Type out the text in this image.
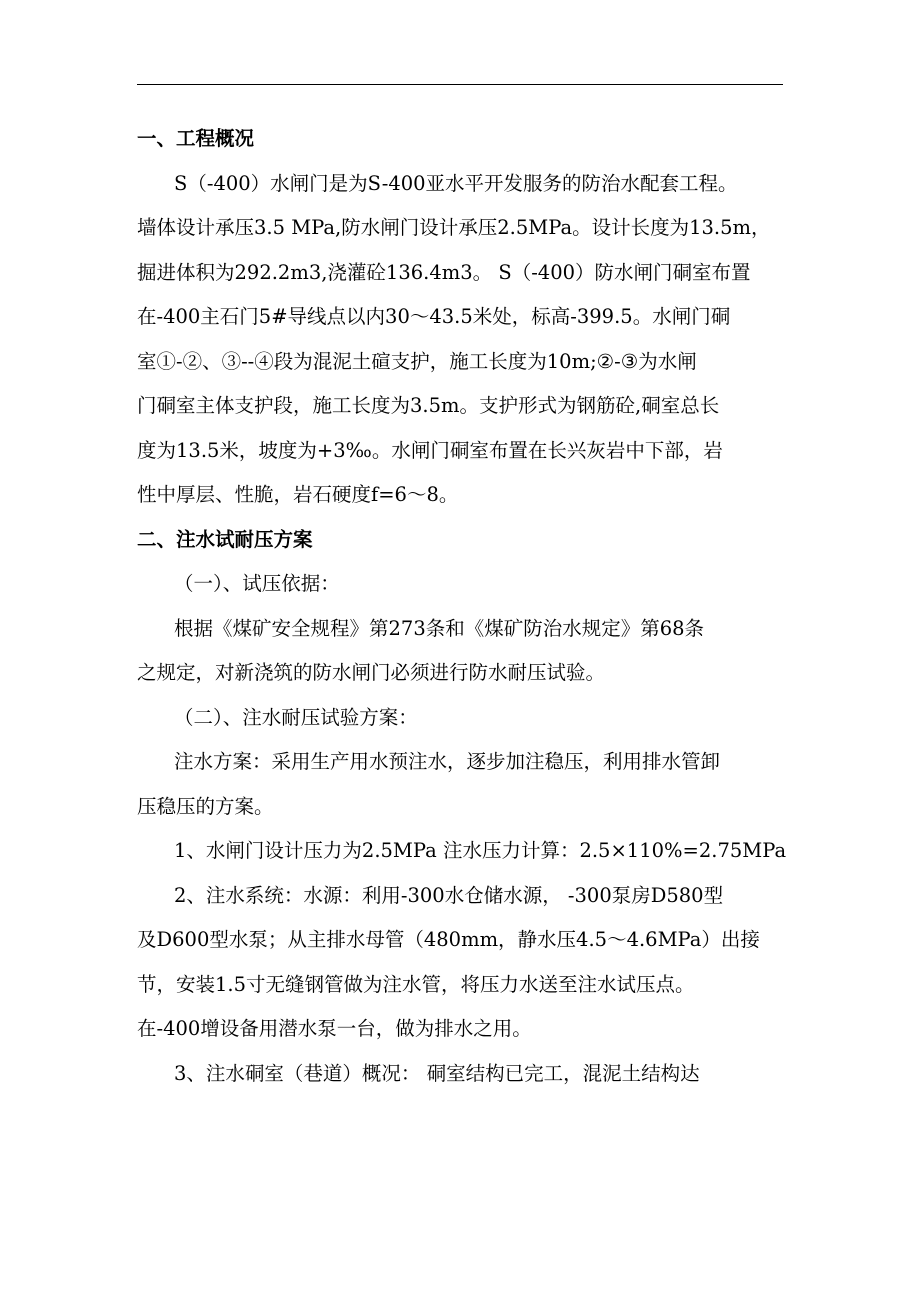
一、工程概况
S（-400）水闸门是为S-400亚水平开发服务的防治水配套工程。
墙体设计承压3.5 MPa,防水闸门设计承压2.5MPa。设计长度为13.5m，
掘进体积为292.2m3,浇灌砼136.4m3。 S（-400）防水闸门硐室布置
在-400主石门5#导线点以内30～43.5米处，标高-399.5。水闸门硐
室①-②、③--④段为混泥土碹支护，施工长度为10m;②-③为水闸
门硐室主体支护段，施工长度为3.5m。支护形式为钢筋砼,硐室总长
度为13.5米，坡度为+3‰。水闸门硐室布置在长兴灰岩中下部，岩
性中厚层、性脆，岩石硬度f=6～8。
二、注水试耐压方案
（一）、试压依据：
根据《煤矿安全规程》第273条和《煤矿防治水规定》第68条
之规定，对新浇筑的防水闸门必须进行防水耐压试验。
（二）、注水耐压试验方案：
注水方案：采用生产用水预注水，逐步加注稳压，利用排水管卸
压稳压的方案。
1、水闸门设计压力为2.5MPa 注水压力计算：2.5×110%=2.75MPa
2、注水系统：水源：利用-300水仓储水源， -300泵房D580型
及D600型水泵；从主排水母管（480mm，静水压4.5～4.6MPa）出接
节，安装1.5寸无缝钢管做为注水管，将压力水送至注水试压点。
在-400增设备用潜水泵一台，做为排水之用。
3、注水硐室（巷道）概况： 硐室结构已完工，混泥土结构达
